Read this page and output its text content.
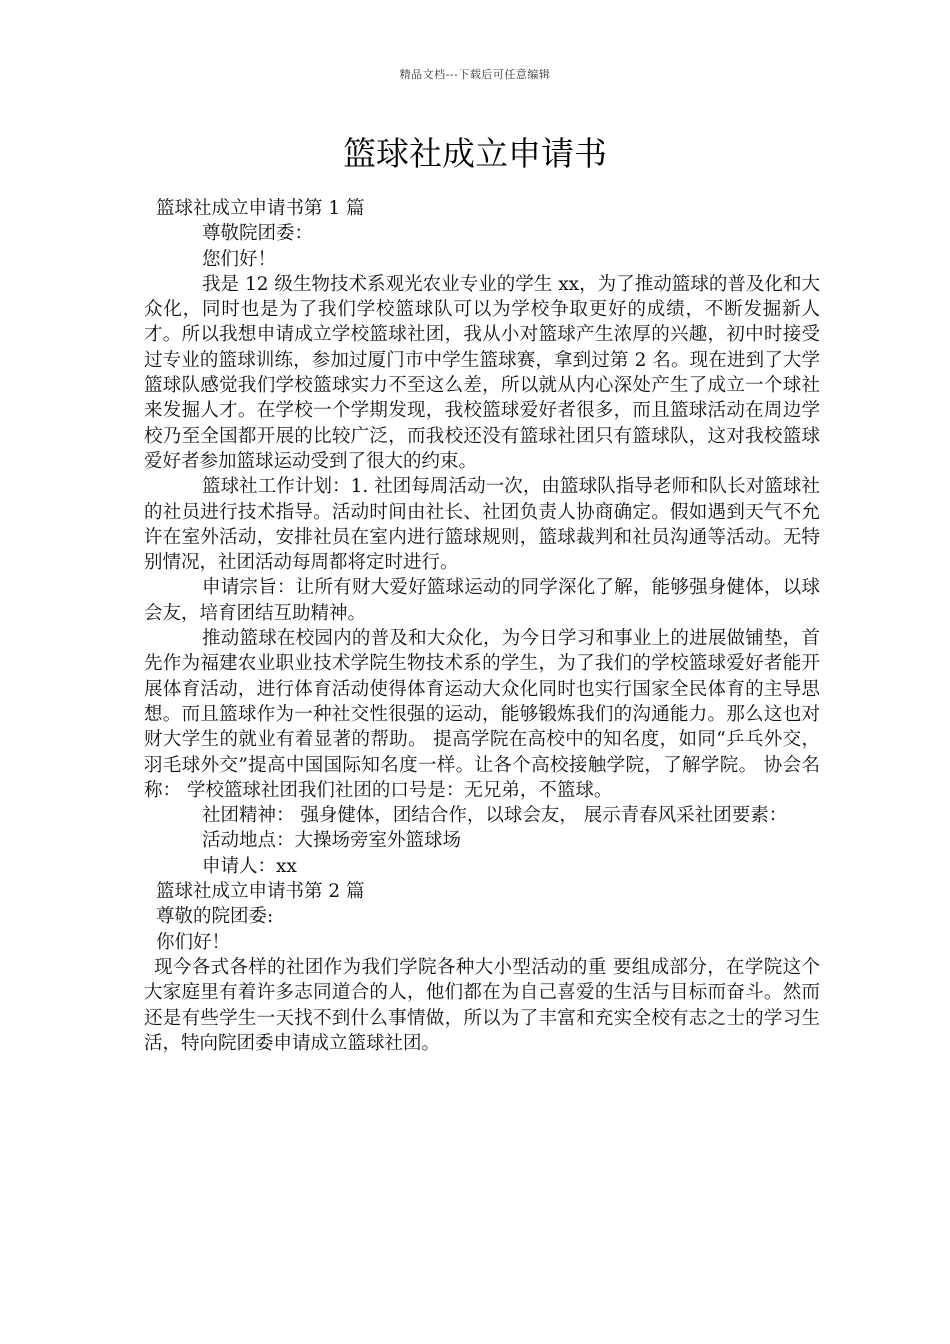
精品文档---下载后可任意编辑
篮球社成立申请书

篮球社成立申请书第 1 篇

尊敬院团委：

您们好！

我是 12 级生物技术系观光农业专业的学生 xx，为了推动篮球的普及化和大众化，同时也是为了我们学校篮球队可以为学校争取更好的成绩，不断发掘新人才。所以我想申请成立学校篮球社团，我从小对篮球产生浓厚的兴趣，初中时接受过专业的篮球训练，参加过厦门市中学生篮球赛，拿到过第 2 名。现在进到了大学篮球队感觉我们学校篮球实力不至这么差，所以就从内心深处产生了成立一个球社来发掘人才。在学校一个学期发现，我校篮球爱好者很多，而且篮球活动在周边学校乃至全国都开展的比较广泛，而我校还没有篮球社团只有篮球队，这对我校篮球爱好者参加篮球运动受到了很大的约束。

篮球社工作计划：1. 社团每周活动一次，由篮球队指导老师和队长对篮球社的社员进行技术指导。活动时间由社长、社团负责人协商确定。假如遇到天气不允许在室外活动，安排社员在室内进行篮球规则，篮球裁判和社员沟通等活动。无特别情况，社团活动每周都将定时进行。

申请宗旨：让所有财大爱好篮球运动的同学深化了解，能够强身健体，以球会友，培育团结互助精神。

推动篮球在校园内的普及和大众化，为今日学习和事业上的进展做铺垫，首先作为福建农业职业技术学院生物技术系的学生，为了我们的学校篮球爱好者能开展体育活动，进行体育活动使得体育运动大众化同时也实行国家全民体育的主导思想。而且篮球作为一种社交性很强的运动，能够锻炼我们的沟通能力。那么这也对财大学生的就业有着显著的帮助。 提高学院在高校中的知名度，如同“乒乓外交，羽毛球外交”提高中国国际知名度一样。让各个高校接触学院，了解学院。 协会名称： 学校篮球社团我们社团的口号是：无兄弟，不篮球。

社团精神： 强身健体，团结合作，以球会友， 展示青春风采社团要素：

活动地点：大操场旁室外篮球场

申请人：xx

篮球社成立申请书第 2 篇

尊敬的院团委:

你们好！

现今各式各样的社团作为我们学院各种大小型活动的重 要组成部分，在学院这个大家庭里有着许多志同道合的人，他们都在为自己喜爱的生活与目标而奋斗。然而还是有些学生一天找不到什么事情做，所以为了丰富和充实全校有志之士的学习生活，特向院团委申请成立篮球社团。
